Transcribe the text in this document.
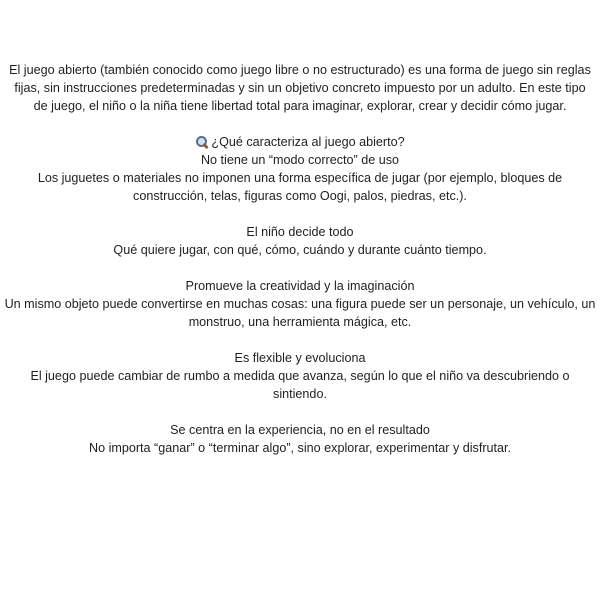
El juego abierto (también conocido como juego libre o no estructurado) es una forma de juego sin reglas fijas, sin instrucciones predeterminadas y sin un objetivo concreto impuesto por un adulto. En este tipo de juego, el niño o la niña tiene libertad total para imaginar, explorar, crear y decidir cómo jugar.

¿Qué caracteriza al juego abierto?

No tiene un “modo correcto” de uso

Los juguetes o materiales no imponen una forma específica de jugar (por ejemplo, bloques de construcción, telas, figuras como Oogi, palos, piedras, etc.).

El niño decide todo

Qué quiere jugar, con qué, cómo, cuándo y durante cuánto tiempo.

Promueve la creatividad y la imaginación

Un mismo objeto puede convertirse en muchas cosas: una figura puede ser un personaje, un vehículo, un monstruo, una herramienta mágica, etc.

Es flexible y evoluciona

El juego puede cambiar de rumbo a medida que avanza, según lo que el niño va descubriendo o sintiendo.

Se centra en la experiencia, no en el resultado

No importa “ganar” o “terminar algo”, sino explorar, experimentar y disfrutar.
